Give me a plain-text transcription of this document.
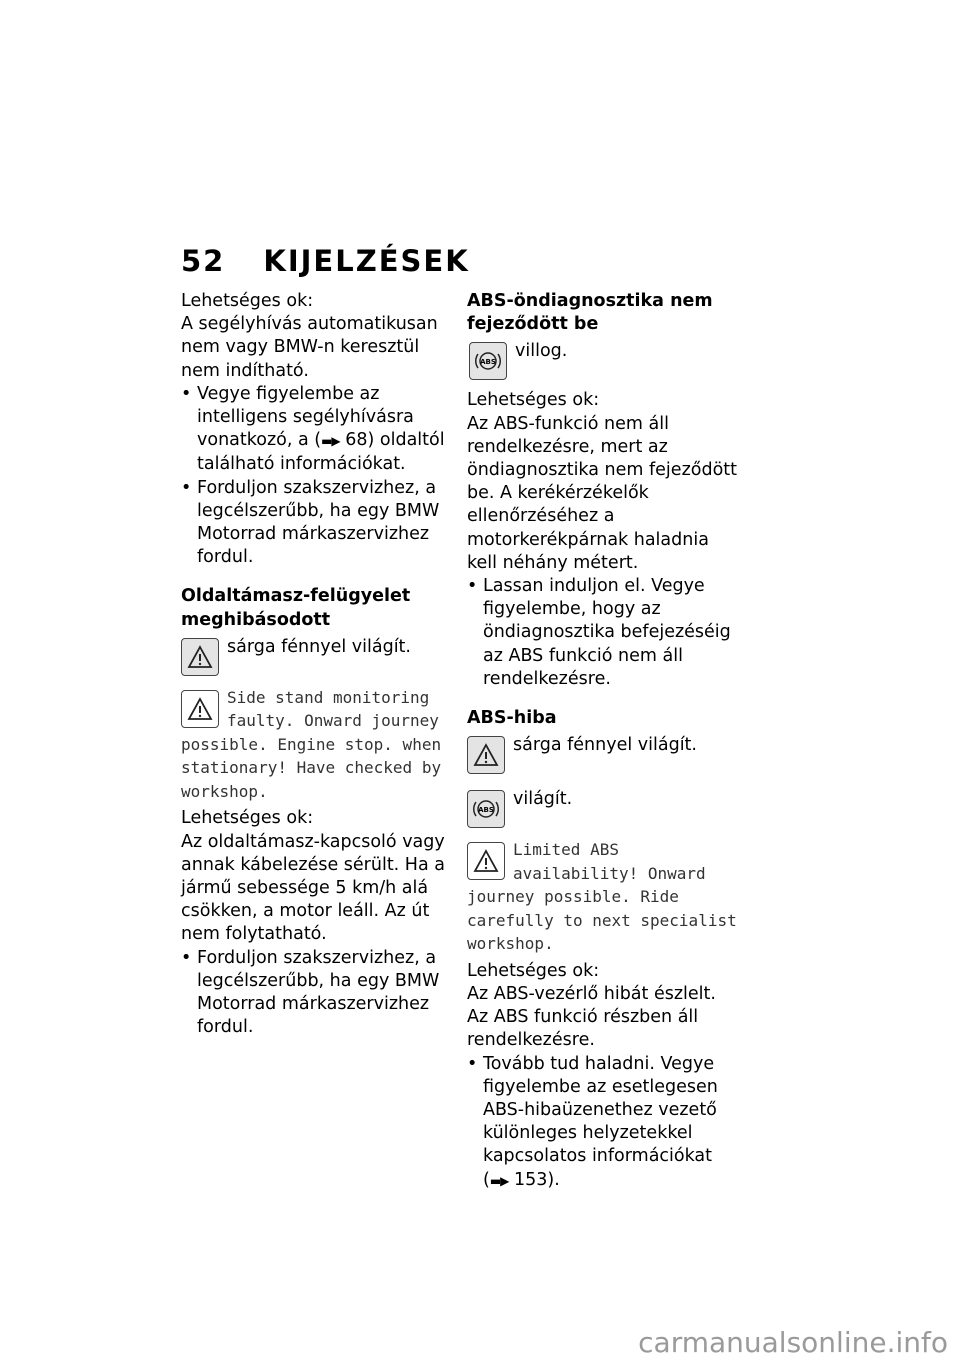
52 KIJELZÉSEK

Lehetséges ok:

A segélyhívás automatikusan nem vagy BMW-n keresztül nem indítható.

• Vegye figyelembe az intelligens segélyhívásra vonatkozó, a (▬▶ 68) oldaltól található információkat.

• Forduljon szakszervizhez, a legcélszerűbb, ha egy BMW Motorrad márkaszervizhez fordul.

Oldaltámasz-felügyelet meghibásodott

sárga fénnyel világít.
Side stand monitoring faulty. Onward journey possible. Engine stop. when stationary! Have checked by workshop.

Lehetséges ok:

Az oldaltámasz-kapcsoló vagy annak kábelezése sérült. Ha a jármű sebessége 5 km/h alá csökken, a motor leáll. Az út nem folytatható.

• Forduljon szakszervizhez, a legcélszerűbb, ha egy BMW Motorrad márkaszervizhez fordul.

ABS-öndiagnosztika nem fejeződött be

ABS
villog.

Lehetséges ok:

Az ABS-funkció nem áll rendelkezésre, mert az öndiagnosztika nem fejeződött be. A kerékérzékelők ellenőrzéséhez a motorkerékpárnak haladnia kell néhány métert.

• Lassan induljon el. Vegye figyelembe, hogy az öndiagnosztika befejezéséig az ABS funkció nem áll rendelkezésre.

ABS-hiba

sárga fénnyel világít.
ABS
világít.
Limited ABS availability! Onward journey possible. Ride carefully to next specialist workshop.

Lehetséges ok:

Az ABS-vezérlő hibát észlelt. Az ABS funkció részben áll rendelkezésre.

• Tovább tud haladni. Vegye figyelembe az esetlegesen ABS-hibaüzenethez vezető különleges helyzetekkel kapcsolatos információkat (▬▶ 153).

carmanualsonline.info
